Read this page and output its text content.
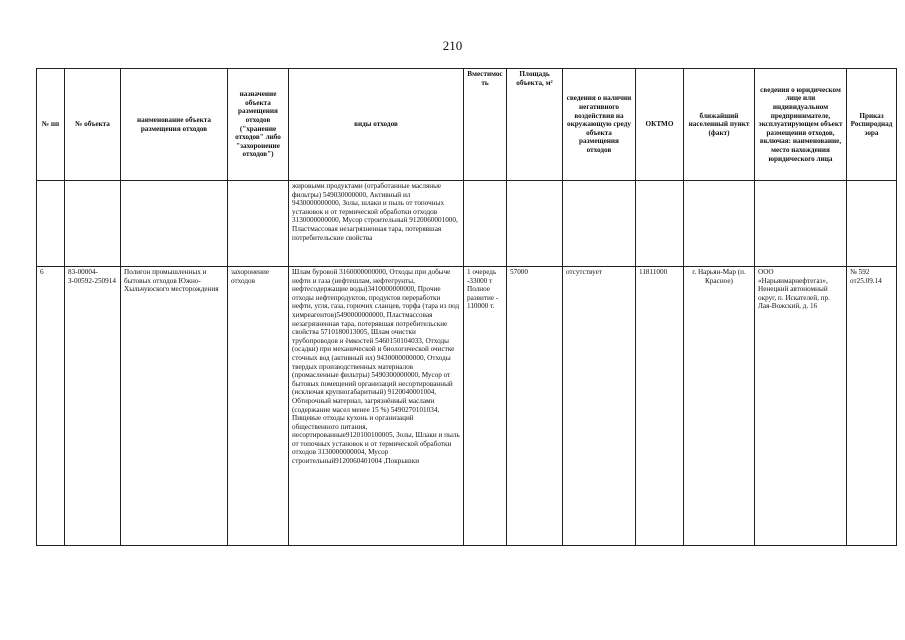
210
№ пп	№ объекта	наименование объекта размещения отходов	назначение объекта размещения отходов ("хранение отходов" либо "захоронение отходов")	виды отходов	Вместимость	Площадь объекта, м²	сведения о наличии негативного воздействия на окружающую среду объекта размещения отходов	ОКТМО	ближайший населенный пункт (факт)	сведения о юридическом лице или индивидуальном предпринимателе, эксплуатирующем объект размещения отходов, включая: наименование, место нахождения юридического лица	Приказ Роспироднадзора
				жировыми продуктами (отработанные масляные фильтры) 549030000000, Активный ил 9430000000000, Золы, шлаки и пыль от топочных установок и от термической обработки отходов 3130000000000, Мусор строительный 9120060001000, Пластмассовая незагрязненная тара, потерявшая потребительские свойства							
6	83-00004-З-00592-250914	Полигон промышленных и бытовых отходов Южно-Хыльчуюского месторождения	захоронение отходов	Шлам буровой 3160000000000, Отходы при добыче нефти и газа (нефтешлам, нефтегрунты, нефтесодержащие воды)3410000000000, Прочие отходы нефтепродуктов, продуктов переработки нефти, угля, газа, горючих сланцев, торфа (тара из под химреагентов)5490000000000, Пластмассовая незагрязненная тара, потерявшая потребительские свойства 5710180013005, Шлам очистки трубопроводов и ёмкостей 5460150104033, Отходы (осадки) при механической и биологической очистке сточных вод (активный ил) 9430000000000, Отходы твердых производственных материалов (промасленные фильтры) 5490300000000, Мусор от бытовых помещений организаций несортированный (исключая крупногабаритный) 9120040001004, Обтирочный материал, загрязнённый маслами (содержание масел менее 15 %) 5490270101034, Пищевые отходы кухонь и организаций общественного питания, несортированные9120100100005, Золы, Шлаки и пыль от топочных установок и от термической обработки отходов 3130000000004, Мусор строительный9120060401004 ,Покрышки	1 очередь -33000 т Полное развитие - 110000 т.	57000	отсутствует	11811000	г. Нарьян-Мар (п. Красное)	ООО «Нарьянмарнефтегаз», Ненецкий автономный округ, п. Искателей, пр. Лая-Вожский, д. 16	№ 592 от25.09.14
